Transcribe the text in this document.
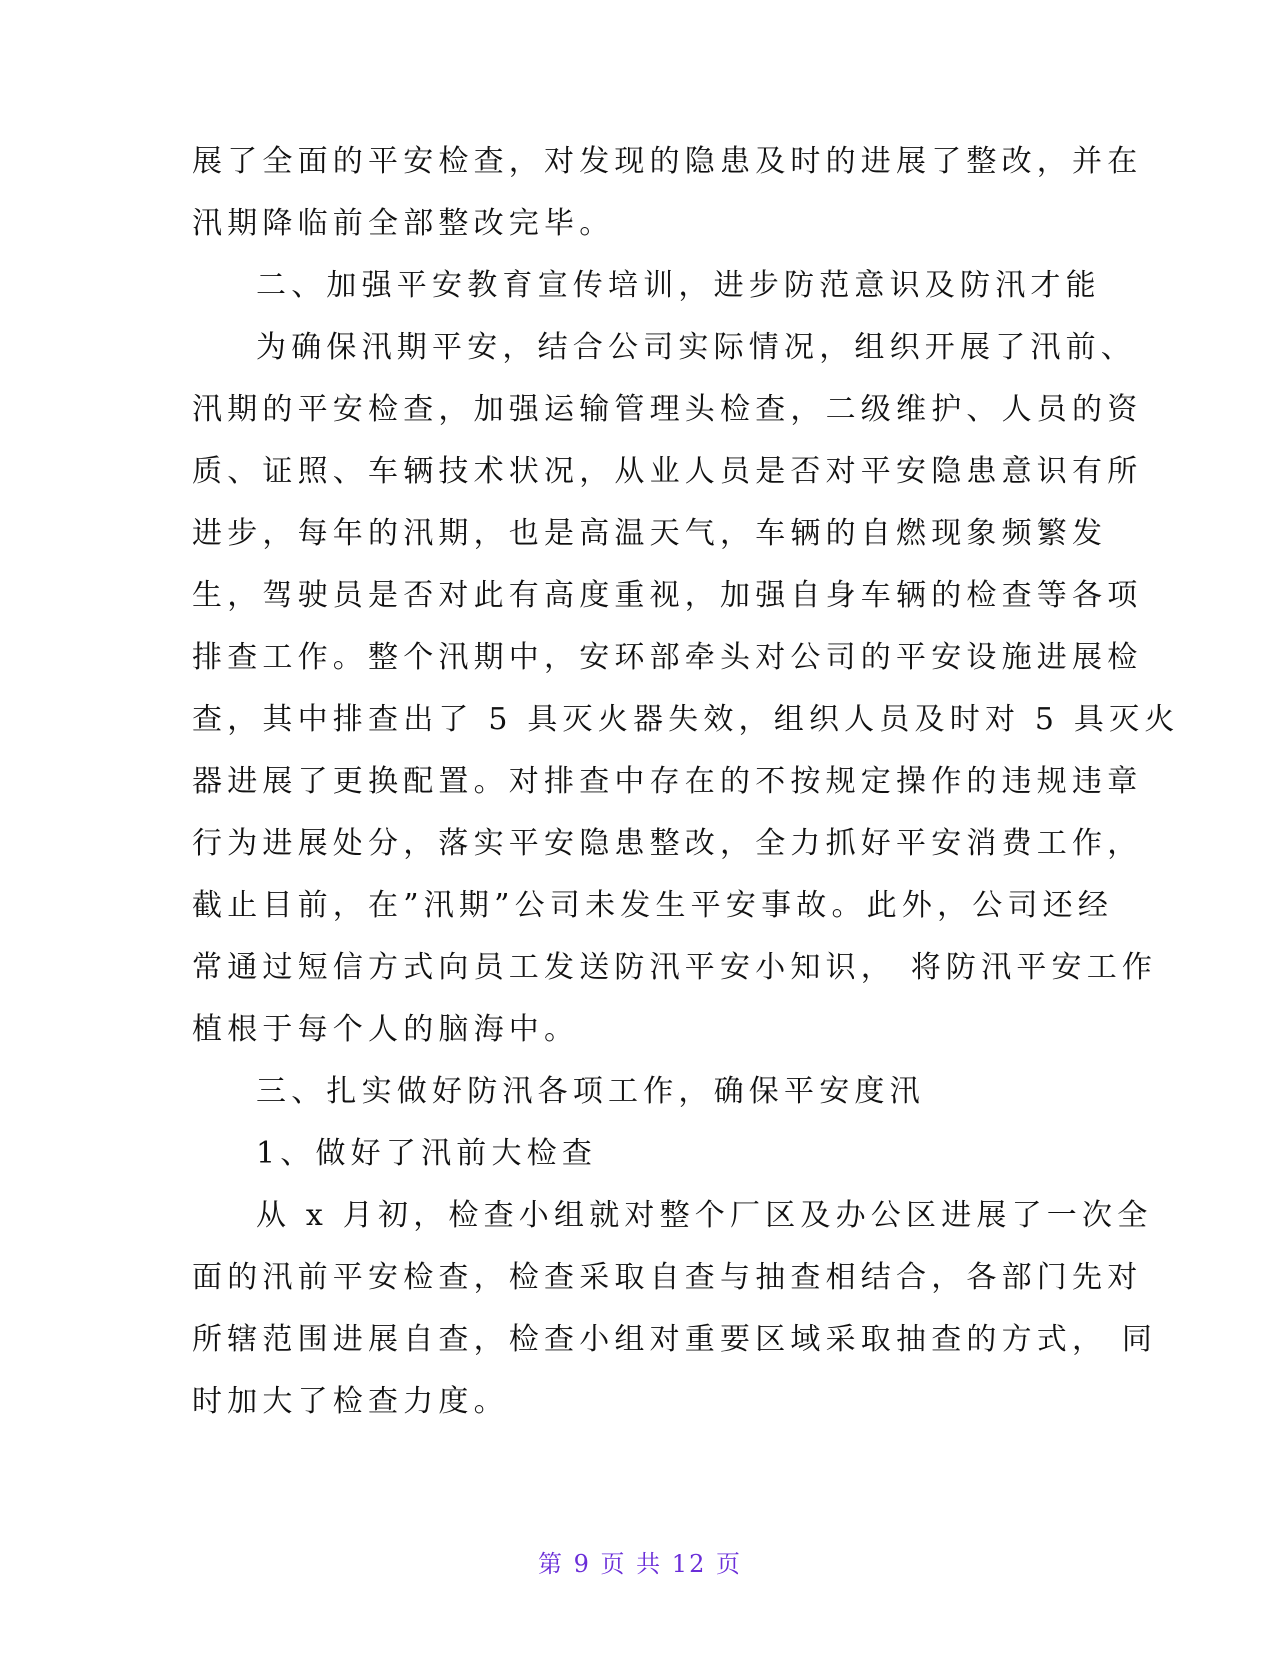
展了全面的平安检查，对发现的隐患及时的进展了整改，并在
汛期降临前全部整改完毕。
二、加强平安教育宣传培训，进步防范意识及防汛才能
为确保汛期平安，结合公司实际情况，组织开展了汛前、
汛期的平安检查，加强运输管理头检查，二级维护、人员的资
质、证照、车辆技术状况，从业人员是否对平安隐患意识有所
进步，每年的汛期，也是高温天气，车辆的自燃现象频繁发
生，驾驶员是否对此有高度重视，加强自身车辆的检查等各项
排查工作。整个汛期中，安环部牵头对公司的平安设施进展检
查，其中排查出了 5 具灭火器失效，组织人员及时对 5 具灭火
器进展了更换配置。对排查中存在的不按规定操作的违规违章
行为进展处分，落实平安隐患整改，全力抓好平安消费工作，
截止目前，在”汛期”公司未发生平安事故。此外，公司还经
常通过短信方式向员工发送防汛平安小知识， 将防汛平安工作
植根于每个人的脑海中。
三、扎实做好防汛各项工作，确保平安度汛
1、做好了汛前大检查
从 x 月初，检查小组就对整个厂区及办公区进展了一次全
面的汛前平安检查，检查采取自查与抽查相结合，各部门先对
所辖范围进展自查，检查小组对重要区域采取抽查的方式， 同
时加大了检查力度。
第 9 页 共 12 页
